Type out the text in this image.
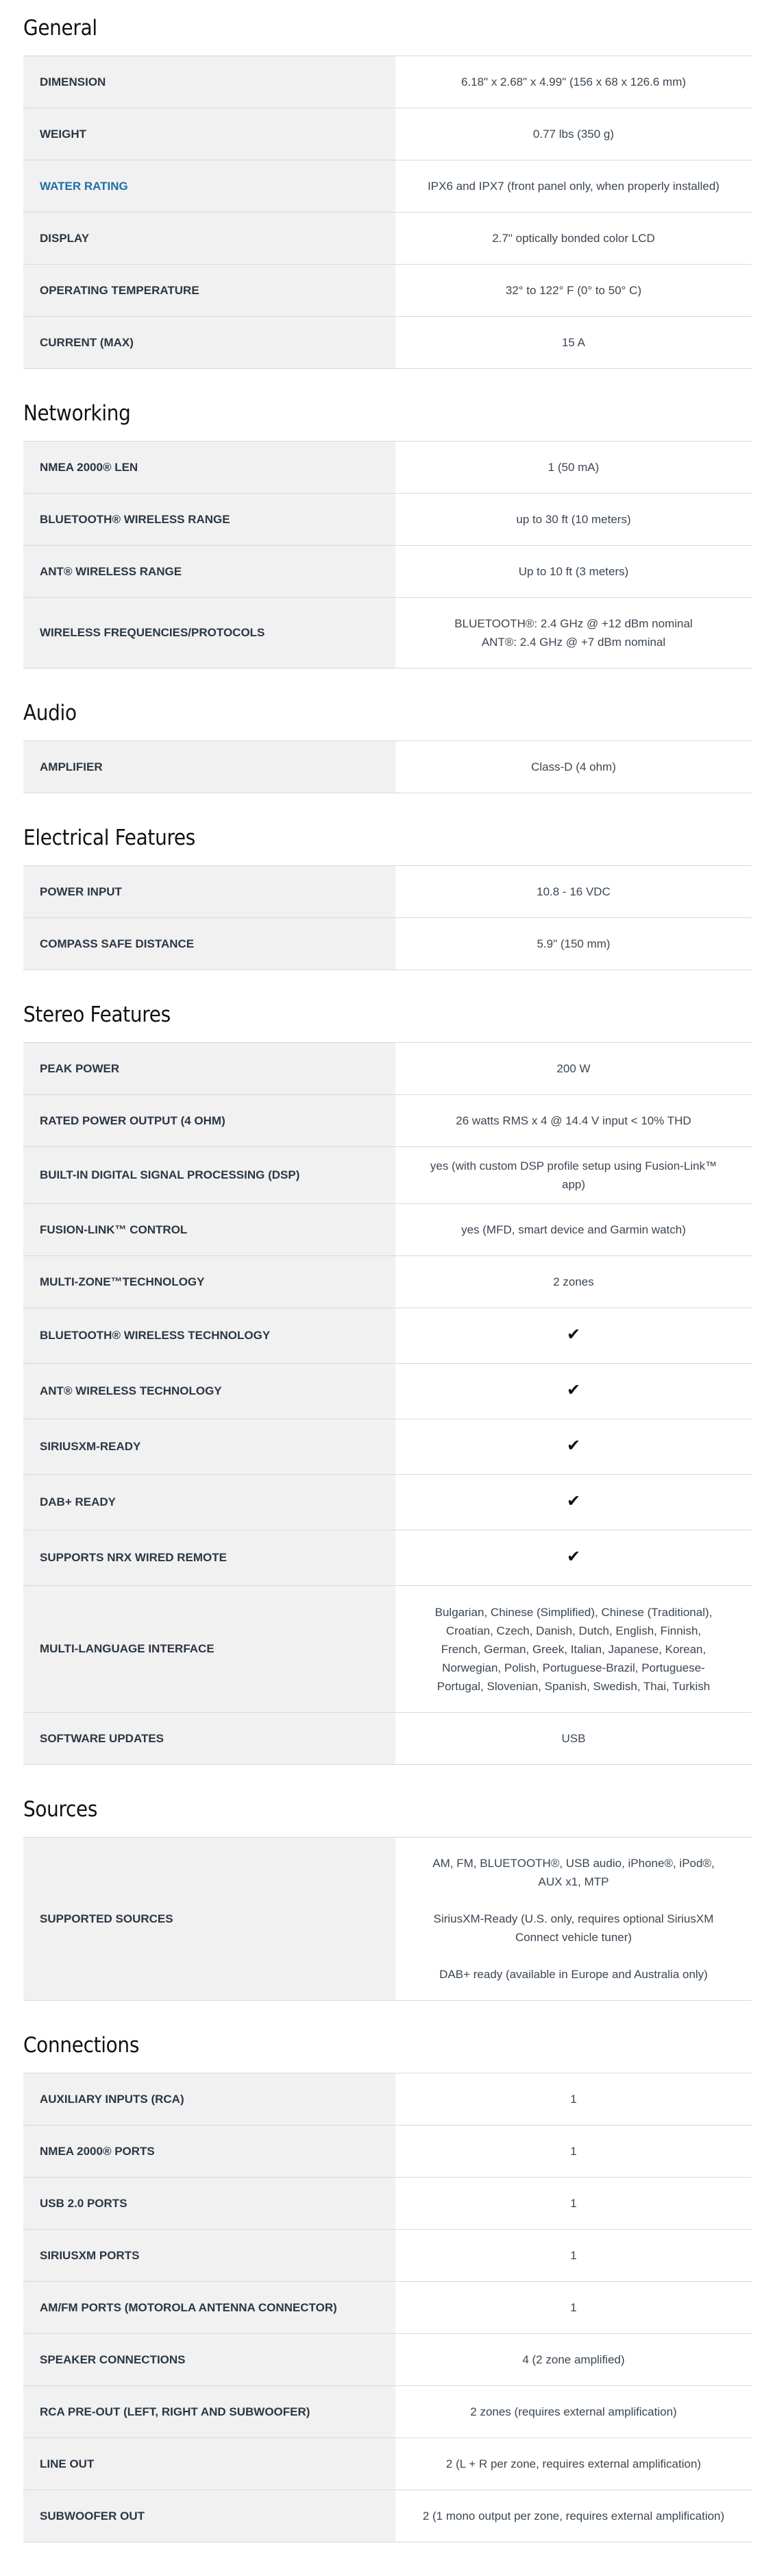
General
DIMENSION	6.18" x 2.68" x 4.99" (156 x 68 x 126.6 mm)
WEIGHT	0.77 lbs (350 g)
WATER RATING	IPX6 and IPX7 (front panel only, when properly installed)
DISPLAY	2.7" optically bonded color LCD
OPERATING TEMPERATURE	32° to 122° F (0° to 50° C)
CURRENT (MAX)	15 A
Networking
NMEA 2000® LEN	1 (50 mA)
BLUETOOTH® WIRELESS RANGE	up to 30 ft (10 meters)
ANT® WIRELESS RANGE	Up to 10 ft (3 meters)
WIRELESS FREQUENCIES/PROTOCOLS	BLUETOOTH®: 2.4 GHz @ +12 dBm nominal
ANT®: 2.4 GHz @ +7 dBm nominal
Audio
AMPLIFIER	Class-D (4 ohm)
Electrical Features
POWER INPUT	10.8 - 16 VDC
COMPASS SAFE DISTANCE	5.9" (150 mm)
Stereo Features
PEAK POWER	200 W
RATED POWER OUTPUT (4 OHM)	26 watts RMS x 4 @ 14.4 V input < 10% THD
BUILT-IN DIGITAL SIGNAL PROCESSING (DSP)	yes (with custom DSP profile setup using Fusion-Link™ app)
FUSION-LINK™ CONTROL	yes (MFD, smart device and Garmin watch)
MULTI-ZONE™TECHNOLOGY	2 zones
BLUETOOTH® WIRELESS TECHNOLOGY	✔
ANT® WIRELESS TECHNOLOGY	✔
SIRIUSXM-READY	✔
DAB+ READY	✔
SUPPORTS NRX WIRED REMOTE	✔
MULTI-LANGUAGE INTERFACE	Bulgarian, Chinese (Simplified), Chinese (Traditional), Croatian, Czech, Danish, Dutch, English, Finnish, French, German, Greek, Italian, Japanese, Korean, Norwegian, Polish, Portuguese-Brazil, Portuguese-Portugal, Slovenian, Spanish, Swedish, Thai, Turkish
SOFTWARE UPDATES	USB
Sources
SUPPORTED SOURCES	
AM, FM, BLUETOOTH®, USB audio, iPhone®, iPod®, AUX x1, MTP
SiriusXM-Ready (U.S. only, requires optional SiriusXM Connect vehicle tuner)
DAB+ ready (available in Europe and Australia only)
Connections
AUXILIARY INPUTS (RCA)	1
NMEA 2000® PORTS	1
USB 2.0 PORTS	1
SIRIUSXM PORTS	1
AM/FM PORTS (MOTOROLA ANTENNA CONNECTOR)	1
SPEAKER CONNECTIONS	4 (2 zone amplified)
RCA PRE-OUT (LEFT, RIGHT AND SUBWOOFER)	2 zones (requires external amplification)
LINE OUT	2 (L + R per zone, requires external amplification)
SUBWOOFER OUT	2 (1 mono output per zone, requires external amplification)
